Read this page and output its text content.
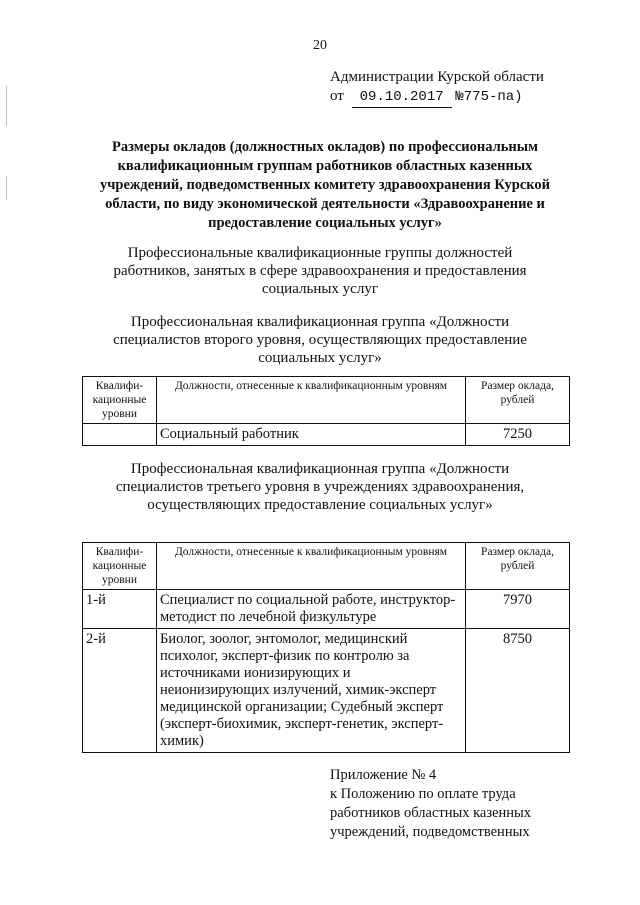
20
Администрации Курской области
от 09.10.2017 №775-па)
Размеры окладов (должностных окладов) по профессиональным квалификационным группам работников областных казенных учреждений, подведомственных комитету здравоохранения Курской области, по виду экономической деятельности «Здравоохранение и предоставление социальных услуг»
Профессиональные квалификационные группы должностей работников, занятых в сфере здравоохранения и предоставления социальных услуг
Профессиональная квалификационная группа «Должности специалистов второго уровня, осуществляющих предоставление социальных услуг»
Квалифи-кационные уровни	Должности, отнесенные к квалификационным уровням	Размер оклада, рублей
	Социальный работник	7250
Профессиональная квалификационная группа «Должности специалистов третьего уровня в учреждениях здравоохранения, осуществляющих предоставление социальных услуг»
Квалифи-кационные уровни	Должности, отнесенные к квалификационным уровням	Размер оклада, рублей
1-й	Специалист по социальной работе, инструктор-методист по лечебной физкультуре	7970
2-й	Биолог, зоолог, энтомолог, медицинский психолог, эксперт-физик по контролю за источниками ионизирующих и неионизирующих излучений, химик-эксперт медицинской организации; Судебный эксперт (эксперт-биохимик, эксперт-генетик, эксперт-химик)	8750
Приложение № 4
к Положению по оплате труда
работников областных казенных
учреждений, подведомственных
